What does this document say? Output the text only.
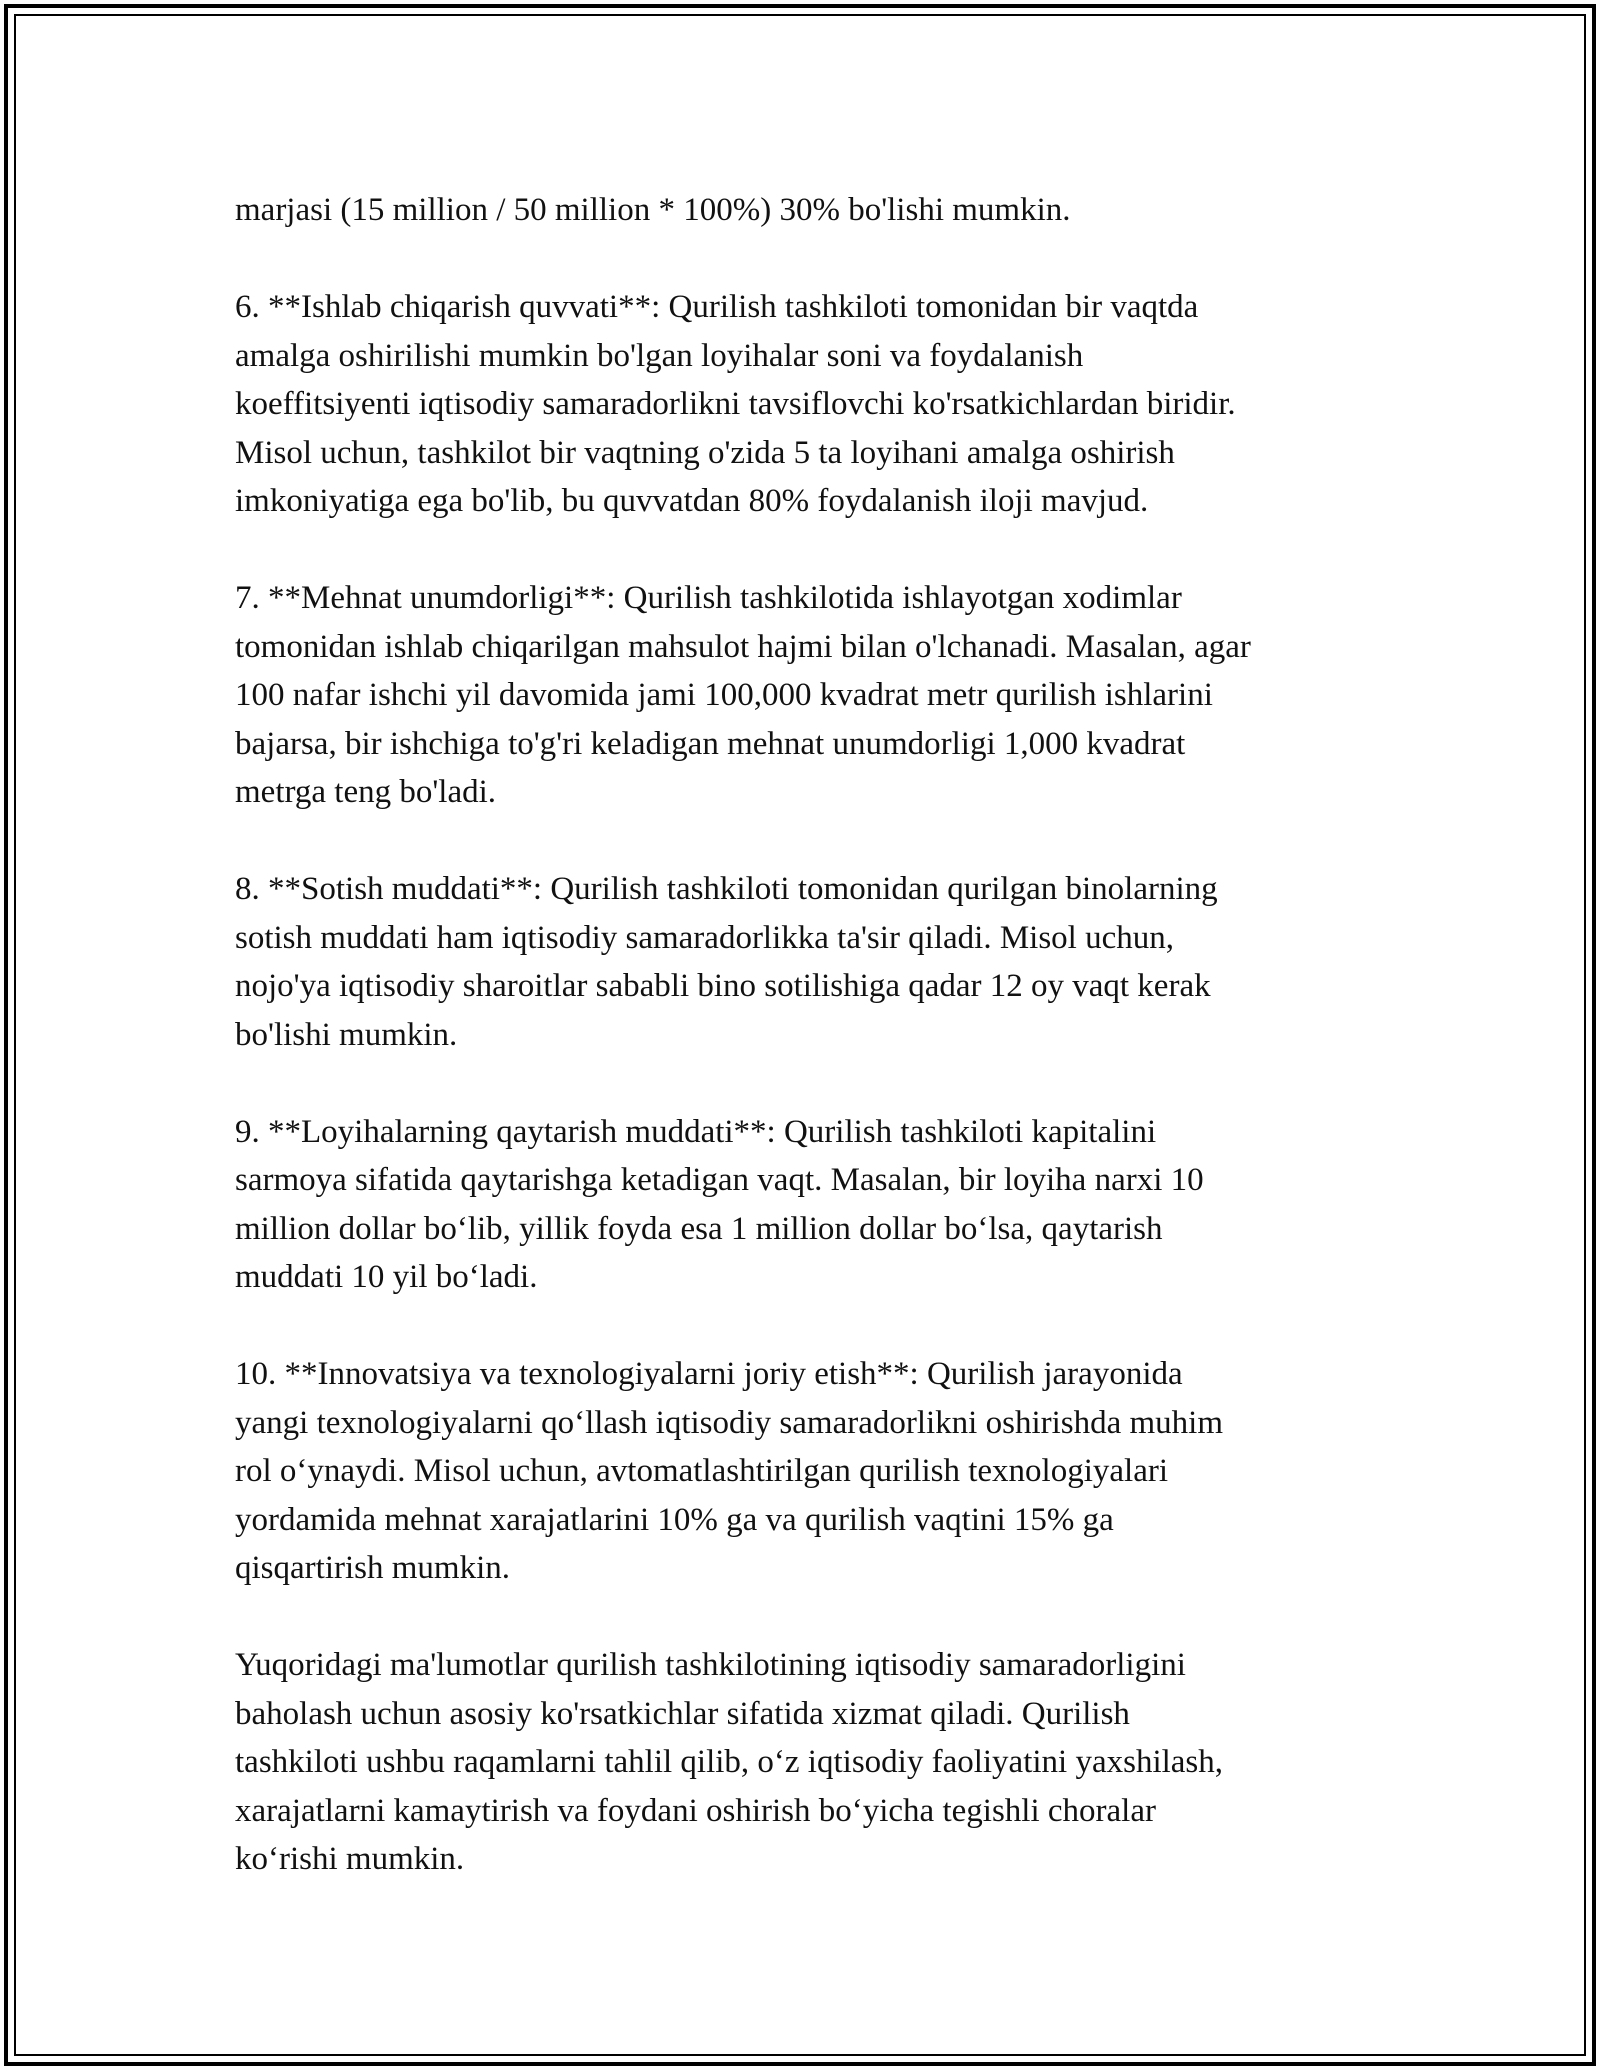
marjasi (15 million / 50 million * 100%) 30% bo'lishi mumkin.

6. **Ishlab chiqarish quvvati**: Qurilish tashkiloti tomonidan bir vaqtda
amalga oshirilishi mumkin bo'lgan loyihalar soni va foydalanish
koeffitsiyenti iqtisodiy samaradorlikni tavsiflovchi ko'rsatkichlardan biridir.
Misol uchun, tashkilot bir vaqtning o'zida 5 ta loyihani amalga oshirish
imkoniyatiga ega bo'lib, bu quvvatdan 80% foydalanish iloji mavjud.

7. **Mehnat unumdorligi**: Qurilish tashkilotida ishlayotgan xodimlar
tomonidan ishlab chiqarilgan mahsulot hajmi bilan o'lchanadi. Masalan, agar
100 nafar ishchi yil davomida jami 100,000 kvadrat metr qurilish ishlarini
bajarsa, bir ishchiga to'g'ri keladigan mehnat unumdorligi 1,000 kvadrat
metrga teng bo'ladi.

8. **Sotish muddati**: Qurilish tashkiloti tomonidan qurilgan binolarning
sotish muddati ham iqtisodiy samaradorlikka ta'sir qiladi. Misol uchun,
nojo'ya iqtisodiy sharoitlar sababli bino sotilishiga qadar 12 oy vaqt kerak
bo'lishi mumkin.

9. **Loyihalarning qaytarish muddati**: Qurilish tashkiloti kapitalini
sarmoya sifatida qaytarishga ketadigan vaqt. Masalan, bir loyiha narxi 10
million dollar bo‘lib, yillik foyda esa 1 million dollar bo‘lsa, qaytarish
muddati 10 yil bo‘ladi.

10. **Innovatsiya va texnologiyalarni joriy etish**: Qurilish jarayonida
yangi texnologiyalarni qo‘llash iqtisodiy samaradorlikni oshirishda muhim
rol o‘ynaydi. Misol uchun, avtomatlashtirilgan qurilish texnologiyalari
yordamida mehnat xarajatlarini 10% ga va qurilish vaqtini 15% ga
qisqartirish mumkin.

Yuqoridagi ma'lumotlar qurilish tashkilotining iqtisodiy samaradorligini
baholash uchun asosiy ko'rsatkichlar sifatida xizmat qiladi. Qurilish
tashkiloti ushbu raqamlarni tahlil qilib, o‘z iqtisodiy faoliyatini yaxshilash,
xarajatlarni kamaytirish va foydani oshirish bo‘yicha tegishli choralar
ko‘rishi mumkin.
